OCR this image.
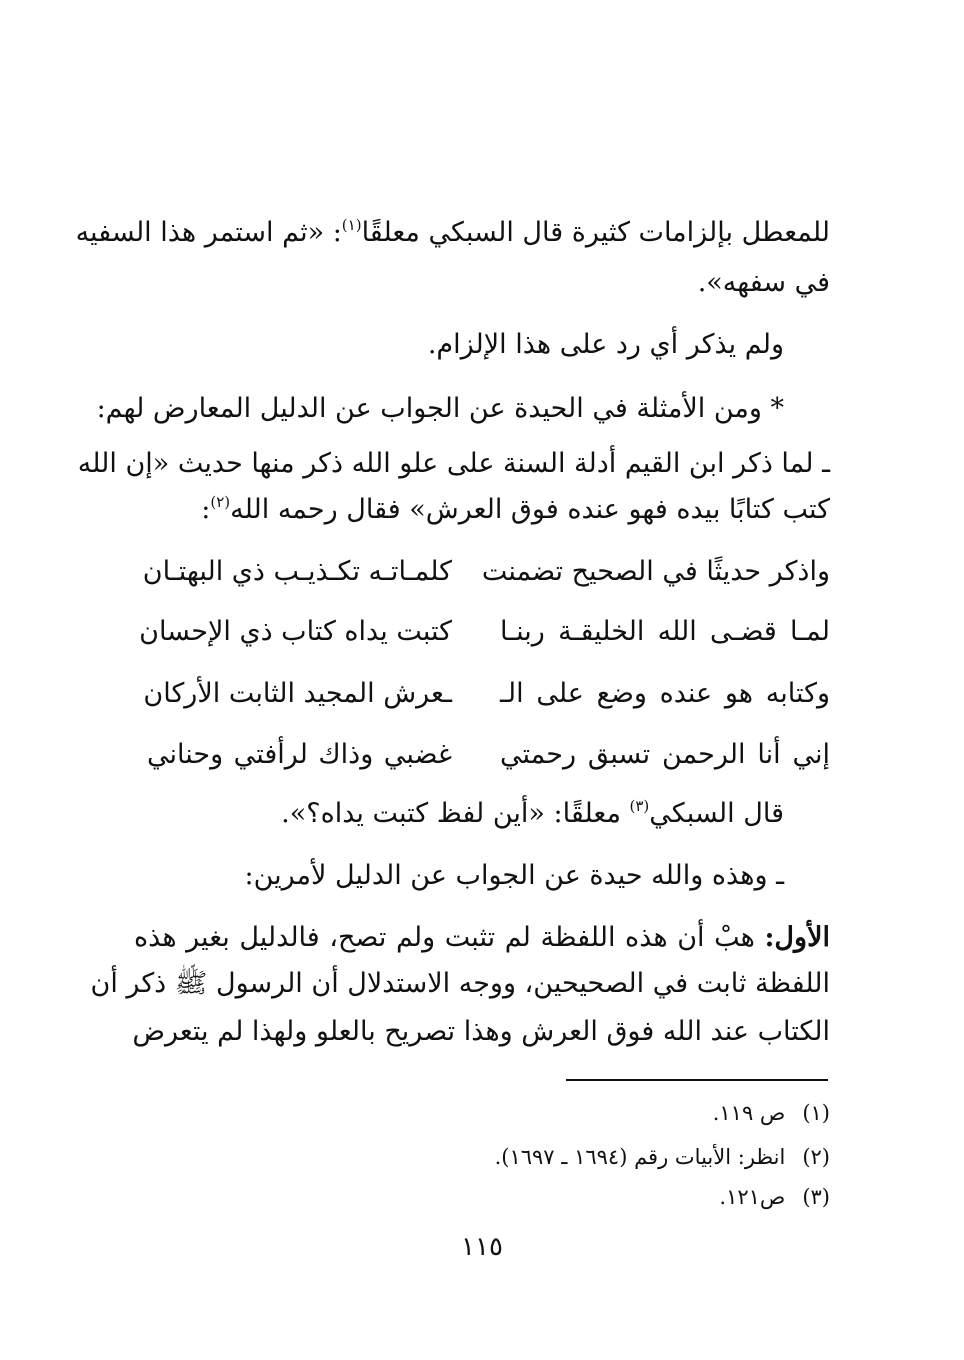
للمعطل بإلزامات كثيرة قال السبكي معلقًا$^{(١)}$: «ثم استمر هذا السفيه
في سفهه».
ولم يذكر أي رد على هذا الإلزام.
* ومن الأمثلة في الحيدة عن الجواب عن الدليل المعارض لهم:
ـ لما ذكر ابن القيم أدلة السنة على علو الله ذكر منها حديث «إن الله
كتب كتابًا بيده فهو عنده فوق العرش» فقال رحمه الله$^{(٢)}$:
واذكر حديثًا في الصحيح تضمنت
كلمـاتـه تكـذيـب ذي البهتـان
لمـا قضـى الله الخليقـة ربنـا
كتبت يداه كتاب ذي الإحسان
وكتابه هو عنده وضع على الـ
ـعرش المجيد الثابت الأركان
إني أنا الرحمن تسبق رحمتي
غضبي وذاك لرأفتي وحناني
قال السبكي$^{(٣)}$ معلقًا: «أين لفظ كتبت يداه؟».
ـ وهذه والله حيدة عن الجواب عن الدليل لأمرين:
الأول: هبْ أن هذه اللفظة لم تثبت ولم تصح، فالدليل بغير هذه
اللفظة ثابت في الصحيحين، ووجه الاستدلال أن الرسول ﷺ ذكر أن
الكتاب عند الله فوق العرش وهذا تصريح بالعلو ولهذا لم يتعرض
(١) ص ١١٩.
(٢) انظر: الأبيات رقم (١٦٩٤ ـ ١٦٩٧).
(٣) ص١٢١.
١١٥
